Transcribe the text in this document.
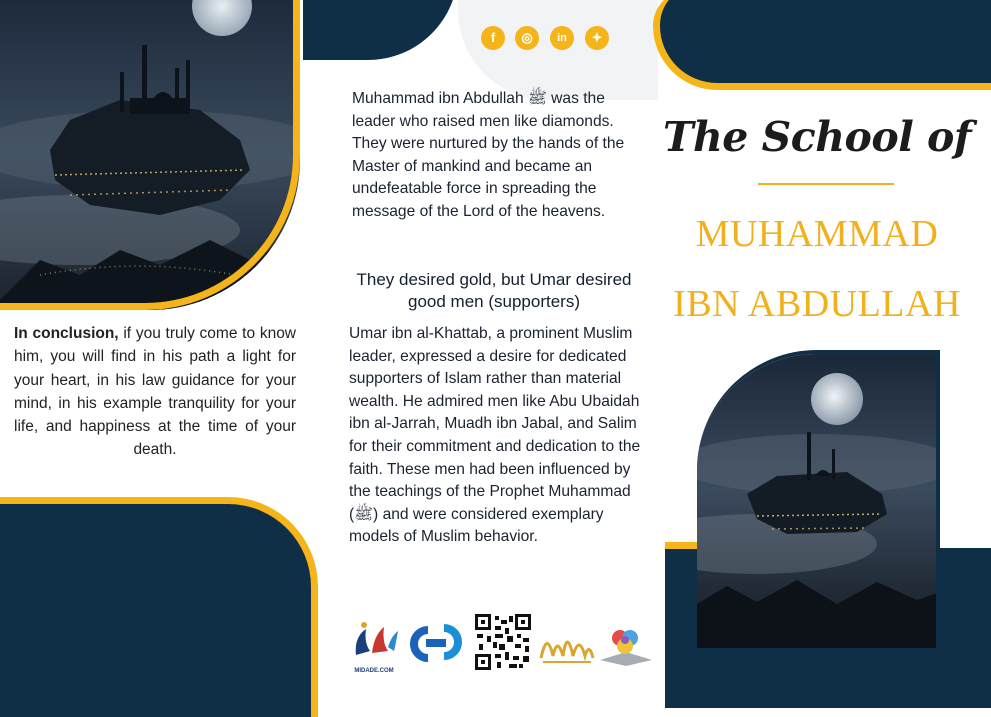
In conclusion, if you truly come to know him, you will find in his path a light for your heart, in his law guidance for your mind, in his example tranquility for your life, and happiness at the time of your death.
f	◎	in	✦
Muhammad ibn Abdullah ﷺ was the leader who raised men like diamonds. They were nurtured by the hands of the Master of mankind and became an undefeatable force in spreading the message of the Lord of the heavens.
They desired gold, but Umar desired good men (supporters)
Umar ibn al-Khattab, a prominent Muslim leader, expressed a desire for dedicated supporters of Islam rather than material wealth. He admired men like Abu Ubaidah ibn al-Jarrah, Muadh ibn Jabal, and Salim for their commitment and dedication to the faith. These men had been influenced by the teachings of the Prophet Muhammad (ﷺ) and were considered exemplary models of Muslim behavior.
MIDADE.COM
The School of
MUHAMMAD
IBN ABDULLAH
